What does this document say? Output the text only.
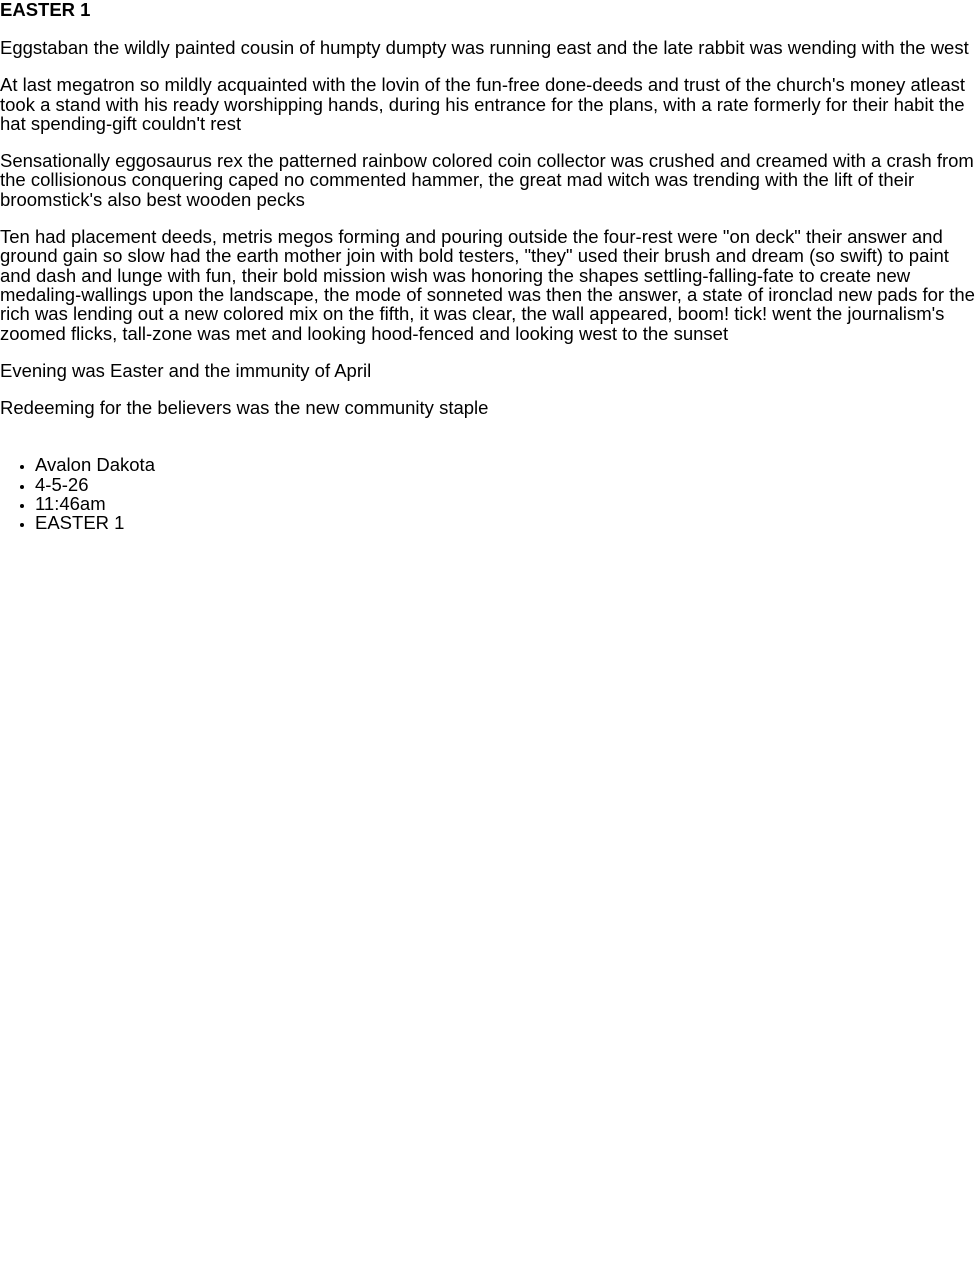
EASTER 1

Eggstaban the wildly painted cousin of humpty dumpty was running east and the late rabbit was wending with the west

At last megatron so mildly acquainted with the lovin of the fun-free done-deeds and trust of the church's money atleast took a stand with his ready worshipping hands, during his entrance for the plans, with a rate formerly for their habit the hat spending-gift couldn't rest

Sensationally eggosaurus rex the patterned rainbow colored coin collector was crushed and creamed with a crash from the collisionous conquering caped no commented hammer, the great mad witch was trending with the lift of their broomstick's also best wooden pecks

Ten had placement deeds, metris megos forming and pouring outside the four-rest were "on deck" their answer and ground gain so slow had the earth mother join with bold testers, "they" used their brush and dream (so swift) to paint and dash and lunge with fun, their bold mission wish was honoring the shapes settling-falling-fate to create new medaling-wallings upon the landscape, the mode of sonneted was then the answer, a state of ironclad new pads for the rich was lending out a new colored mix on the fifth, it was clear, the wall appeared, boom! tick! went the journalism's zoomed flicks, tall-zone was met and looking hood-fenced and looking west to the sunset

Evening was Easter and the immunity of April

Redeeming for the believers was the new community staple

• Avalon Dakota
• 4-5-26
• 11:46am
• EASTER 1
